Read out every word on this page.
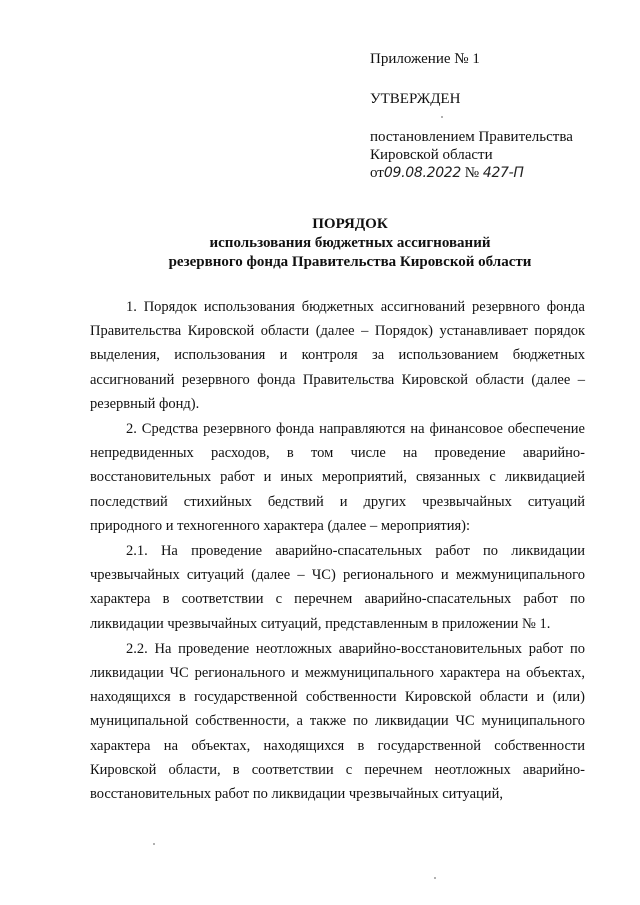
Приложение № 1

УТВЕРЖДЕН

постановлением Правительства

Кировской области

от09.08.2022 № 427-П

ПОРЯДОК
использования бюджетных ассигнований
резервного фонда Правительства Кировской области

1. Порядок использования бюджетных ассигнований резервного фонда Правительства Кировской области (далее – Порядок) устанавливает порядок выделения, использования и контроля за использованием бюджетных ассигнований резервного фонда Правительства Кировской области (далее – резервный фонд).

2. Средства резервного фонда направляются на финансовое обеспечение непредвиденных расходов, в том числе на проведение аварийно-восстановительных работ и иных мероприятий, связанных с ликвидацией последствий стихийных бедствий и других чрезвычайных ситуаций природного и техногенного характера (далее – мероприятия):

2.1. На проведение аварийно-спасательных работ по ликвидации чрезвычайных ситуаций (далее – ЧС) регионального и межмуниципального характера в соответствии с перечнем аварийно-спасательных работ по ликвидации чрезвычайных ситуаций, представленным в приложении № 1.

2.2. На проведение неотложных аварийно-восстановительных работ по ликвидации ЧС регионального и межмуниципального характера на объектах, находящихся в государственной собственности Кировской области и (или) муниципальной собственности, а также по ликвидации ЧС муниципального характера на объектах, находящихся в государственной собственности Кировской области, в соответствии с перечнем неотложных аварийно-восстановительных работ по ликвидации чрезвычайных ситуаций,
